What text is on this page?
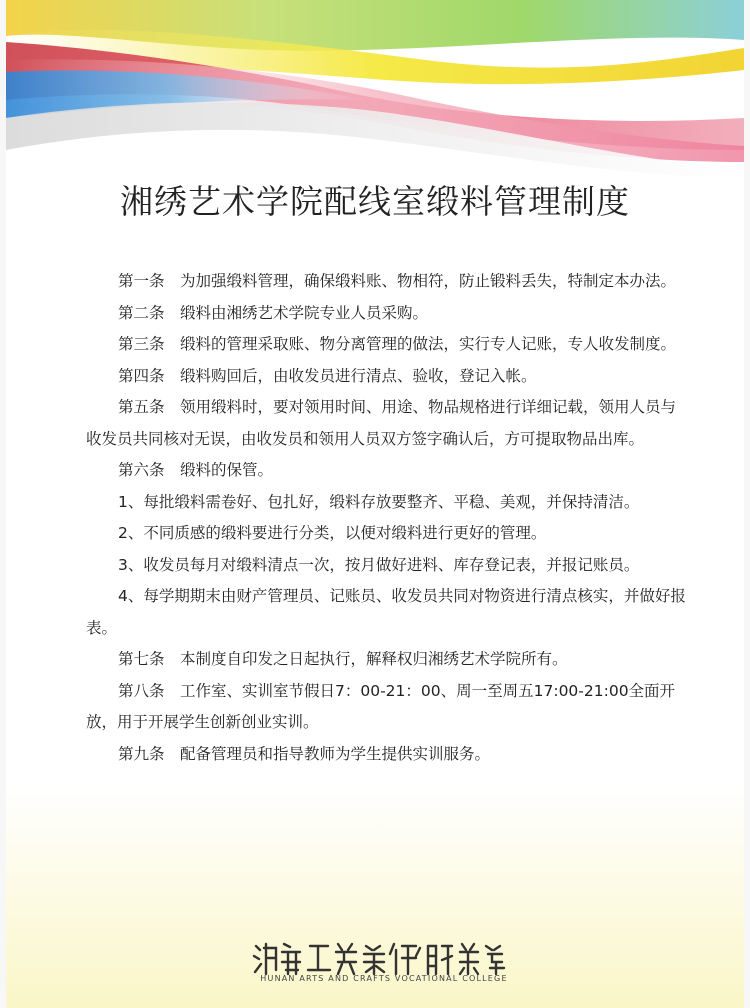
湘绣艺术学院配线室缎料管理制度

第一条　为加强缎料管理，确保缎料账、物相符，防止锻料丢失，特制定本办法。

第二条　缎料由湘绣艺术学院专业人员采购。

第三条　缎料的管理采取账、物分离管理的做法，实行专人记账，专人收发制度。

第四条　缎料购回后，由收发员进行清点、验收，登记入帐。

第五条　领用缎料时，要对领用时间、用途、物品规格进行详细记载，领用人员与收发员共同核对无误，由收发员和领用人员双方签字确认后，方可提取物品出库。

第六条　缎料的保管。

1、每批缎料需卷好、包扎好，缎料存放要整齐、平稳、美观，并保持清洁。

2、不同质感的缎料要进行分类，以便对缎料进行更好的管理。

3、收发员每月对缎料清点一次，按月做好进料、库存登记表，并报记账员。

4、每学期期末由财产管理员、记账员、收发员共同对物资进行清点核实，并做好报表。

第七条　本制度自印发之日起执行，解释权归湘绣艺术学院所有。

第八条　工作室、实训室节假日7：00-21：00、周一至周五17:00-21:00全面开放，用于开展学生创新创业实训。

第九条　配备管理员和指导教师为学生提供实训服务。

HUNAN ARTS AND CRAFTS VOCATIONAL COLLEGE
